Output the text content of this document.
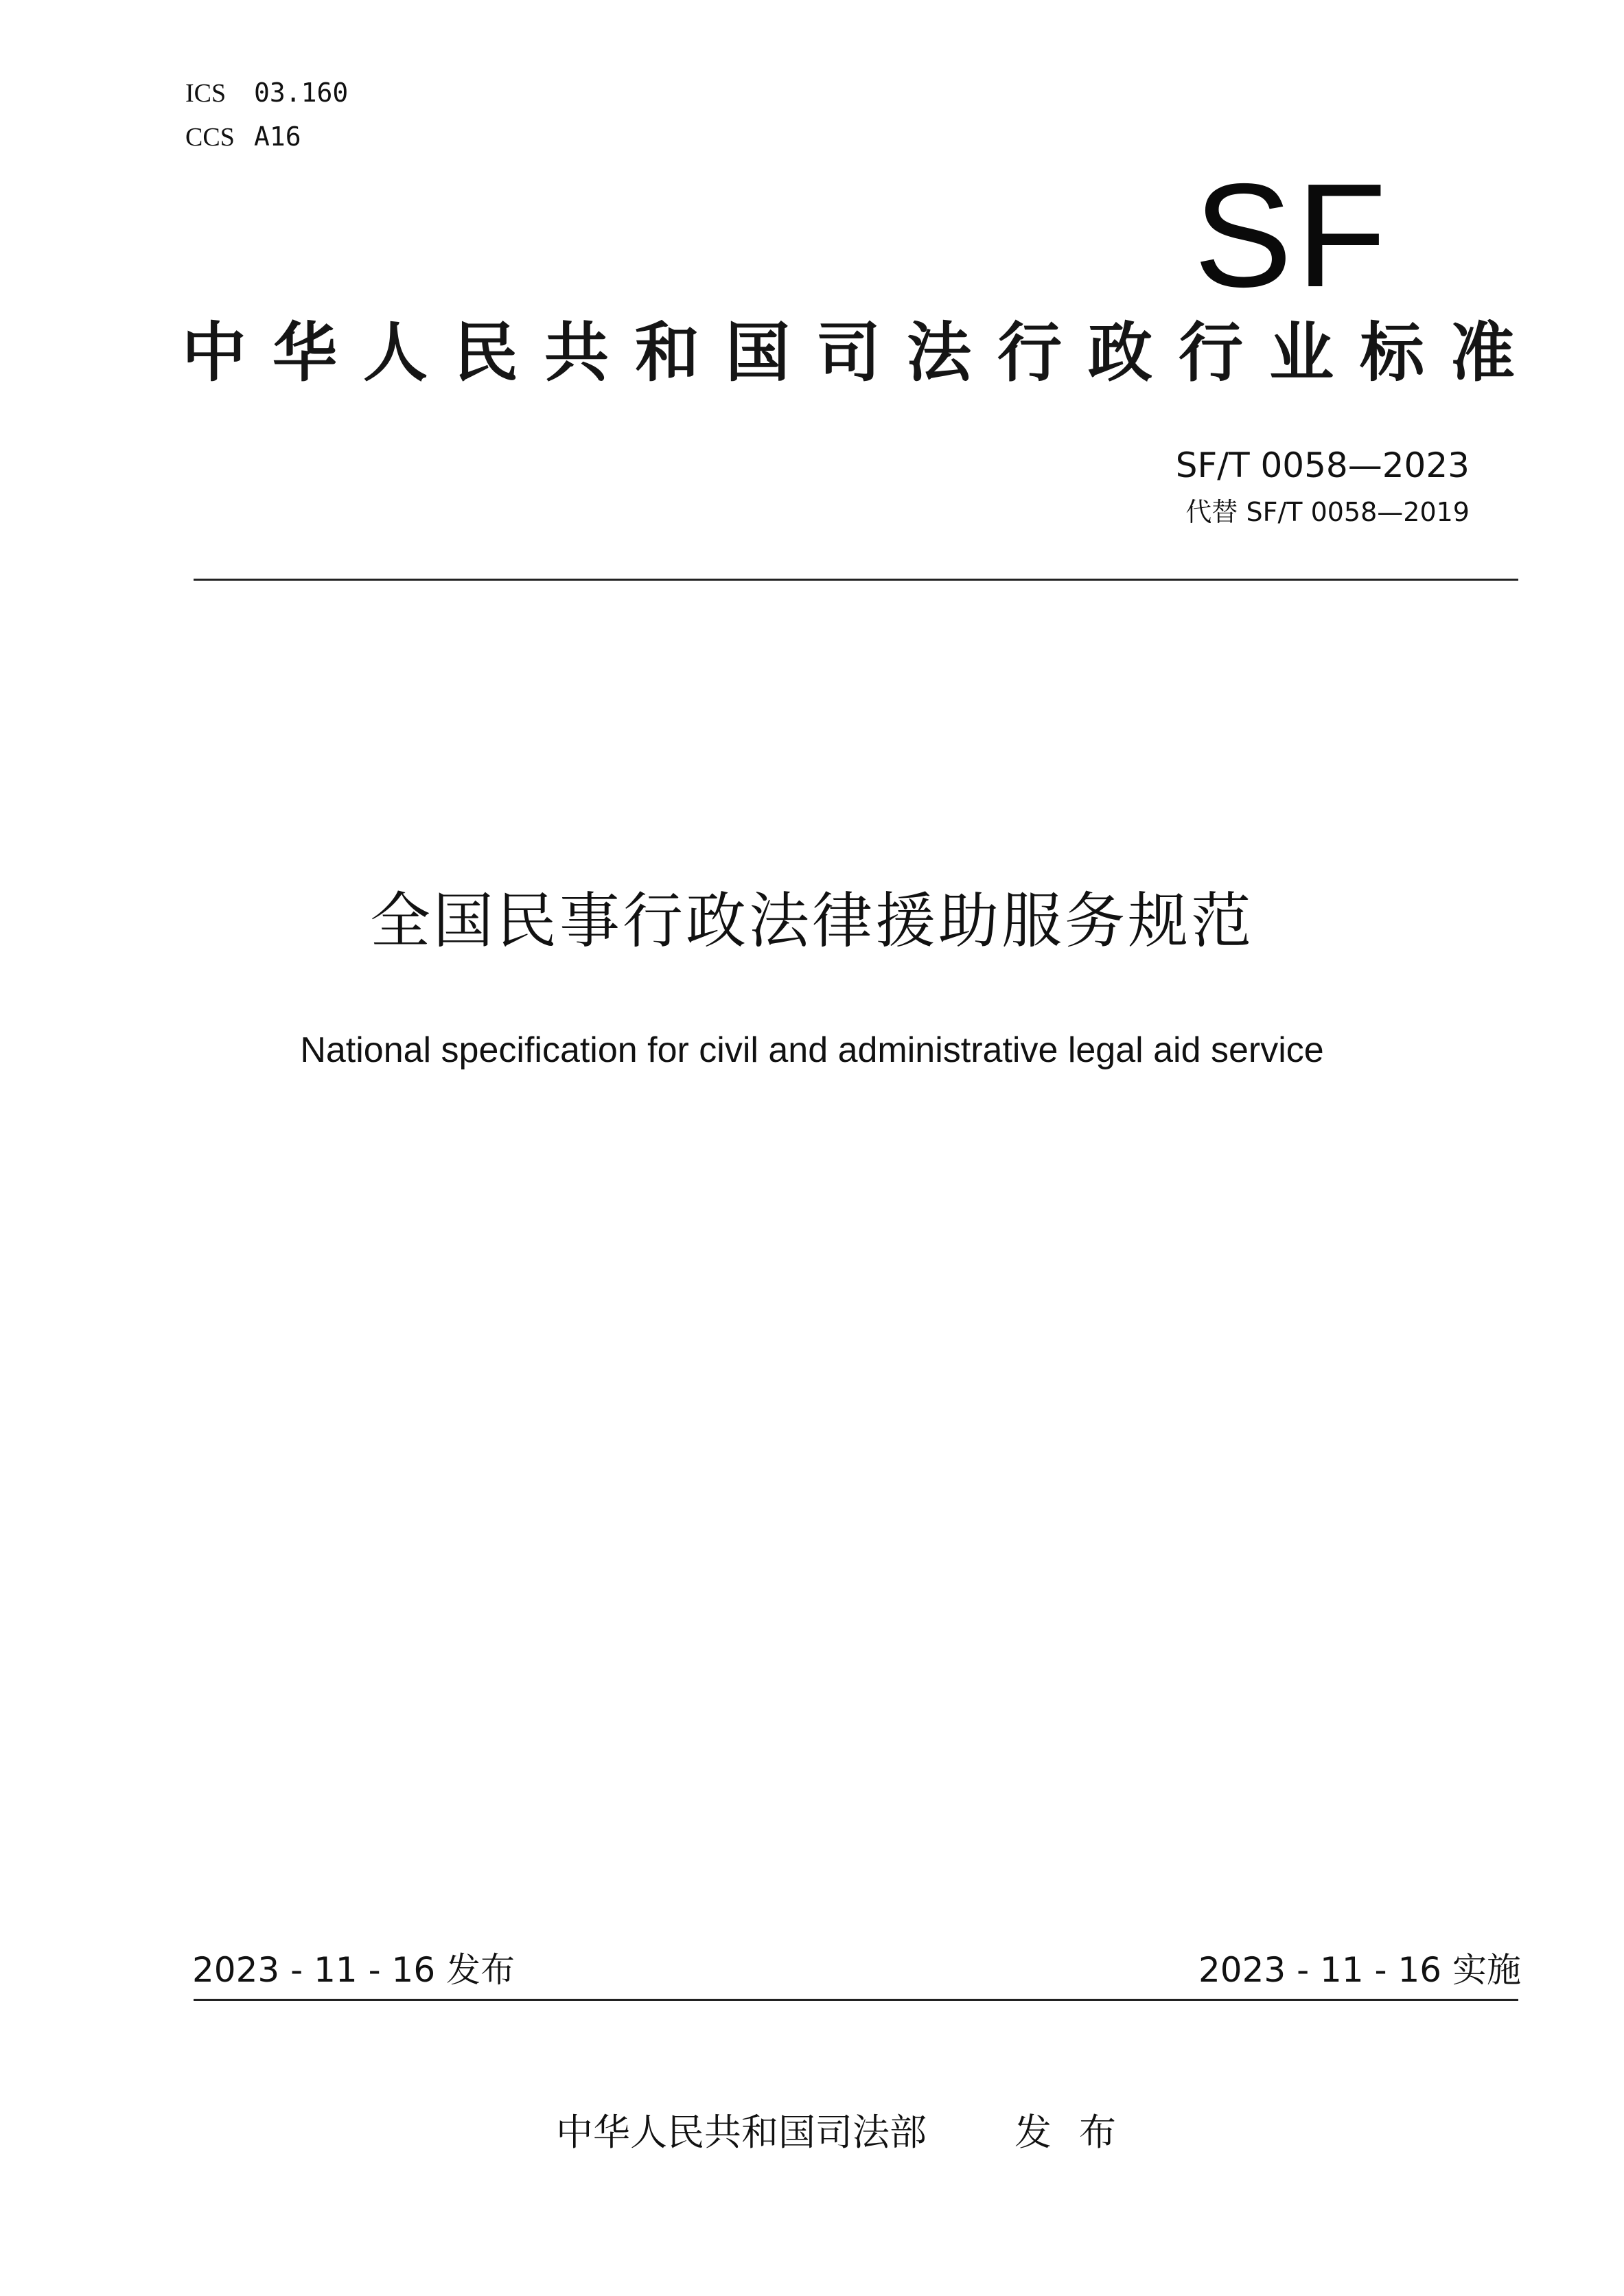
ICS 03.160
CCS A16
SF
中华人民共和国司法行政行业标准
SF/T 0058—2023
代替 SF/T 0058—2019
全国民事行政法律援助服务规范
National specification for civil and administrative legal aid service
2023 - 11 - 16 发布	2023 - 11 - 16 实施
中华人民共和国司法部 发布
